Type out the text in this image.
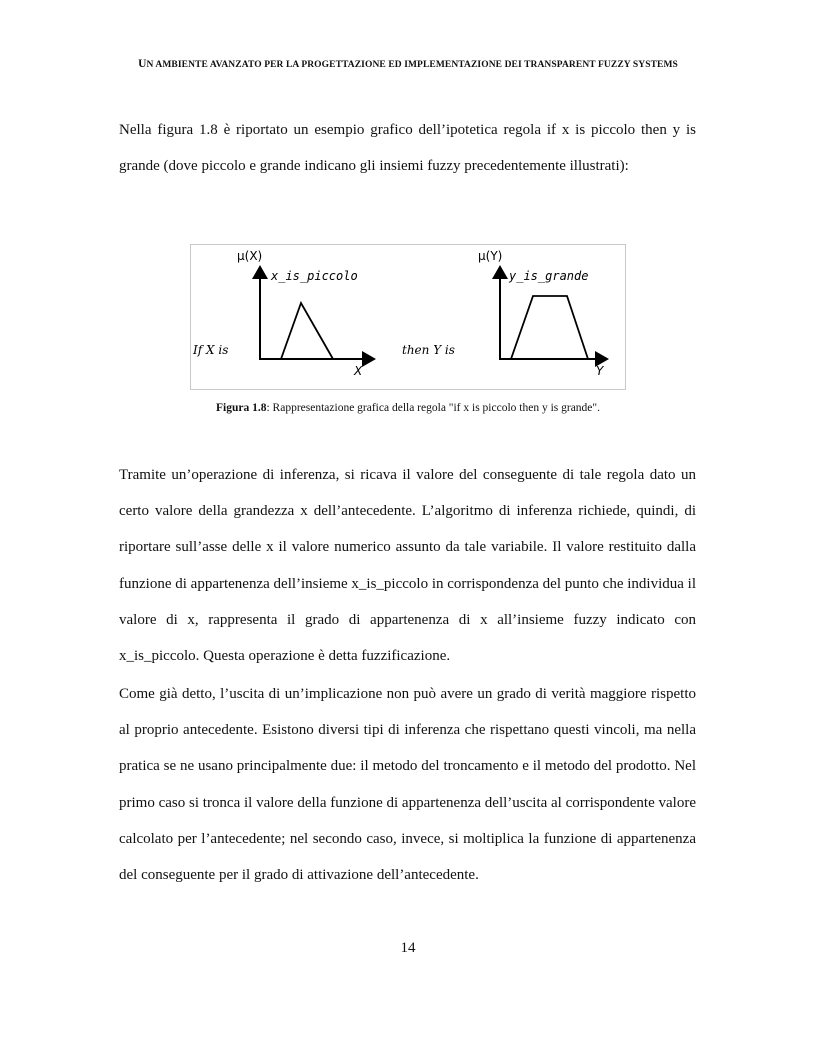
UN AMBIENTE AVANZATO PER LA PROGETTAZIONE ED IMPLEMENTAZIONE DEI TRANSPARENT FUZZY SYSTEMS

Nella figura 1.8 è riportato un esempio grafico dell’ipotetica regola if x is piccolo then y is grande (dove piccolo e grande indicano gli insiemi fuzzy precedentemente illustrati):

μ(X)
x_is_piccolo
X
If X is
μ(Y)
y_is_grande
Y
then Y is
Figura 1.8: Rappresentazione grafica della regola "if x is piccolo then y is grande".

Tramite un’operazione di inferenza, si ricava il valore del conseguente di tale regola dato un certo valore della grandezza x dell’antecedente. L’algoritmo di inferenza richiede, quindi, di riportare sull’asse delle x il valore numerico assunto da tale variabile. Il valore restituito dalla funzione di appartenenza dell’insieme x_is_piccolo in corrispondenza del punto che individua il valore di x, rappresenta il grado di appartenenza di x all’insieme fuzzy indicato con x_is_piccolo. Questa operazione è detta fuzzificazione.

Come già detto, l’uscita di un’implicazione non può avere un grado di verità maggiore rispetto al proprio antecedente. Esistono diversi tipi di inferenza che rispettano questi vincoli, ma nella pratica se ne usano principalmente due: il metodo del troncamento e il metodo del prodotto. Nel primo caso si tronca il valore della funzione di appartenenza dell’uscita al corrispondente valore calcolato per l’antecedente; nel secondo caso, invece, si moltiplica la funzione di appartenenza del conseguente per il grado di attivazione dell’antecedente.

14
